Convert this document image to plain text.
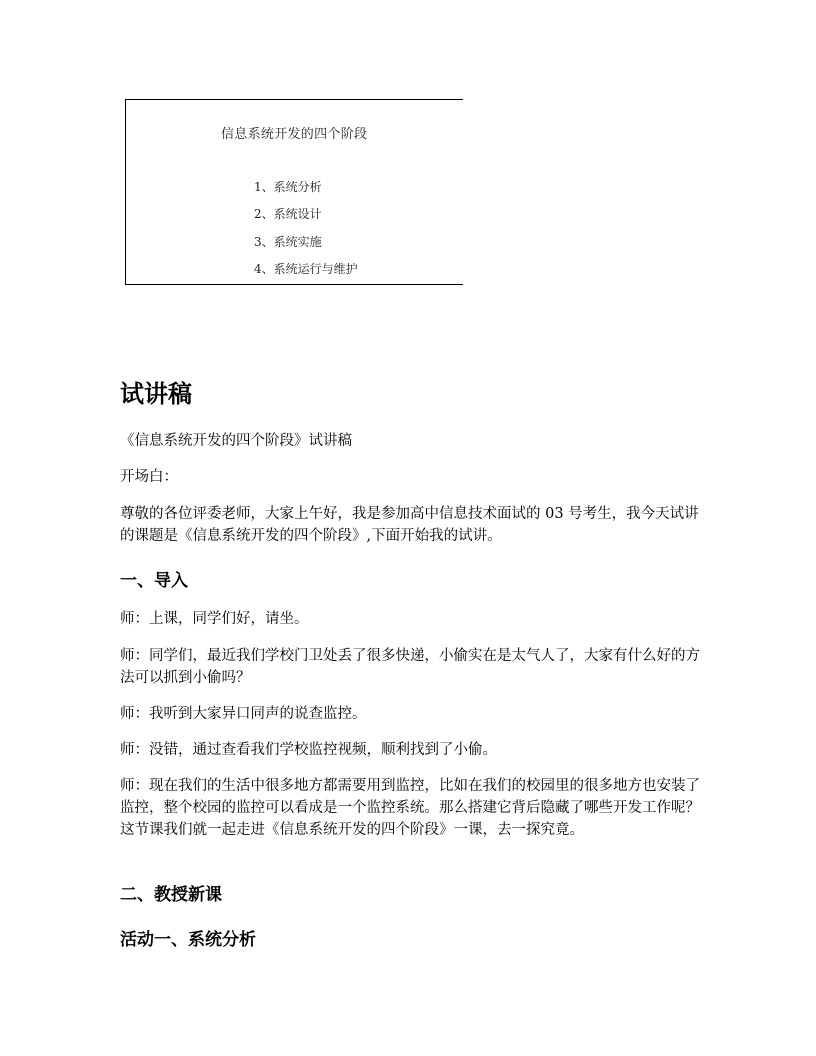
信息系统开发的四个阶段
1、系统分析
2、系统设计
3、系统实施
4、系统运行与维护
试讲稿

《信息系统开发的四个阶段》试讲稿

开场白：

尊敬的各位评委老师，大家上午好，我是参加高中信息技术面试的 03 号考生，我今天试讲的课题是《信息系统开发的四个阶段》,下面开始我的试讲。

一、导入

师：上课，同学们好，请坐。

师：同学们，最近我们学校门卫处丢了很多快递，小偷实在是太气人了，大家有什么好的方法可以抓到小偷吗？

师：我听到大家异口同声的说查监控。

师：没错，通过查看我们学校监控视频，顺利找到了小偷。

师：现在我们的生活中很多地方都需要用到监控，比如在我们的校园里的很多地方也安装了监控，整个校园的监控可以看成是一个监控系统。那么搭建它背后隐藏了哪些开发工作呢？这节课我们就一起走进《信息系统开发的四个阶段》一课，去一探究竟。

二、教授新课
活动一、系统分析
